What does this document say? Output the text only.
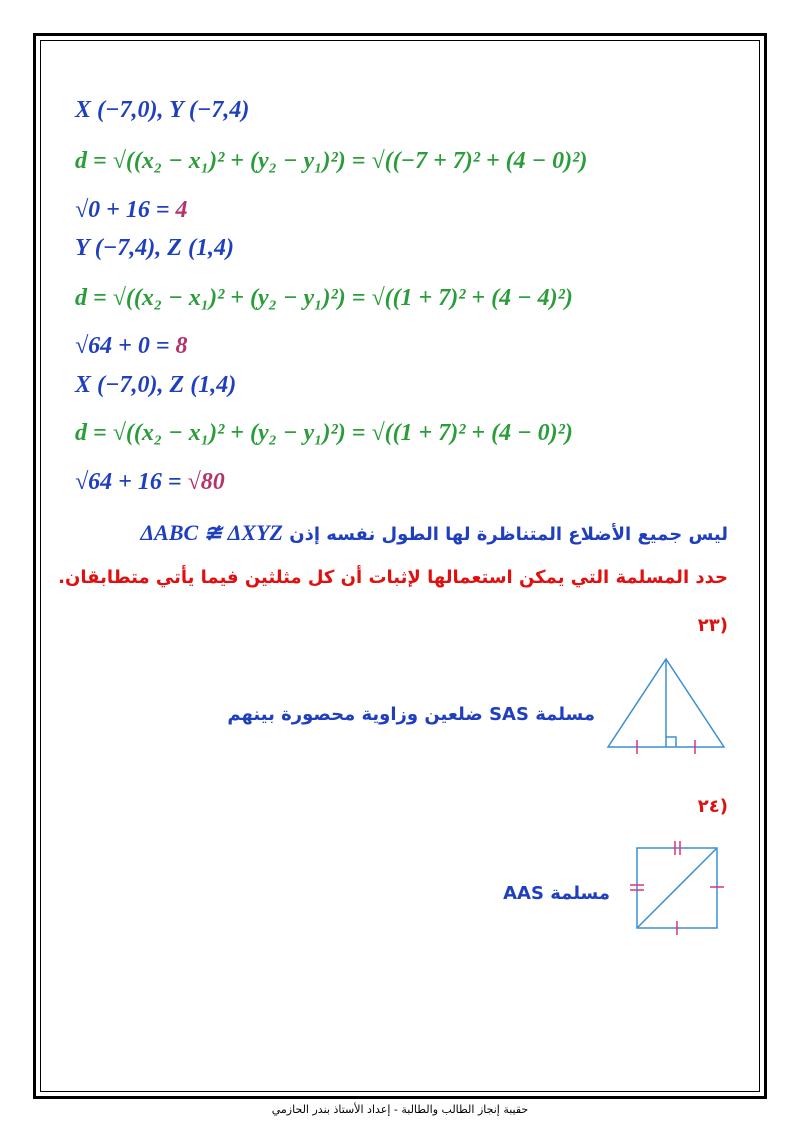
X (−7,0), Y (−7,4)
d = √((x₂ − x₁)² + (y₂ − y₁)²) = √((−7 + 7)² + (4 − 0)²)
√0 + 16 = 4
Y (−7,4), Z (1,4)
d = √((x₂ − x₁)² + (y₂ − y₁)²) = √((1 + 7)² + (4 − 4)²)
√64 + 0 = 8
X (−7,0), Z (1,4)
d = √((x₂ − x₁)² + (y₂ − y₁)²) = √((1 + 7)² + (4 − 0)²)
√64 + 16 = √80
ليس جميع الأضلاع المتناظرة لها الطول نفسه إذن ΔABC ≇ ΔXYZ
حدد المسلمة التي يمكن استعمالها لإثبات أن كل مثلثين فيما يأتي متطابقان.
(٢٣
مسلمة SAS ضلعين وزاوية محصورة بينهم
(٢٤
مسلمة AAS
حقيبة إنجاز الطالب والطالبة - إعداد الأستاذ بندر الحازمي
